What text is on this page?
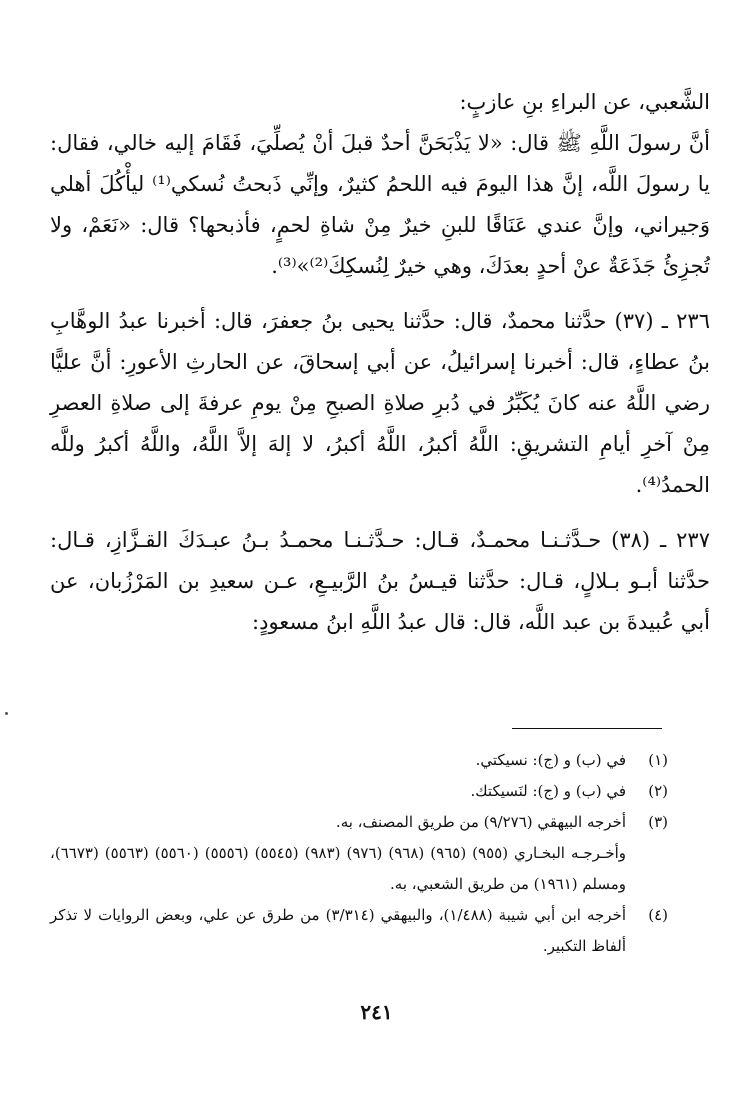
الشَّعبي، عن البراءِ بنِ عازبٍ:

أنَّ رسولَ اللَّهِ ﷺ قال: «لا يَذْبَحَنَّ أحدٌ قبلَ أنْ يُصلِّيَ، فَقَامَ إليه خالي، فقال: يا رسولَ اللَّه، إنَّ هذا اليومَ فيه اللحمُ كثيرٌ، وإنِّي ذَبحتُ نُسكي⁽¹⁾ ليأْكُلَ أهلي وَجيراني، وإنَّ عندي عَنَاقًا للبنِ خيرٌ مِنْ شاةِ لحمٍ، فأذبحها؟ قال: «نَعَمْ، ولا تُجزِئُ جَذَعَةٌ عنْ أحدٍ بعدَكَ، وهي خيرٌ لِنُسكِكَ⁽²⁾»⁽³⁾.

٢٣٦ ـ (٣٧) حدَّثنا محمدٌ، قال: حدَّثنا يحيى بنُ جعفرَ، قال: أخبرنا عبدُ الوهَّابِ بنُ عطاءٍ، قال: أخبرنا إسرائيلُ، عن أبي إسحاقَ، عن الحارثِ الأعورِ: أنَّ عليًّا رضي اللَّهُ عنه كانَ يُكَبِّرُ في دُبرِ صلاةِ الصبحِ مِنْ يومِ عرفةَ إلى صلاةِ العصرِ مِنْ آخرِ أيامِ التشريقِ: اللَّهُ أكبرُ، اللَّهُ أكبرُ، لا إلهَ إلاَّ اللَّهُ، واللَّهُ أكبرُ وللَّه الحمدُ⁽⁴⁾.

٢٣٧ ـ (٣٨) حـدَّثـنـا محمـدٌ، قـال: حـدَّثـنـا محمـدُ بـنُ عبـدَكَ القـزَّازِ، قـال: حدَّثنا أبـو بـلالٍ، قـال: حدَّثنا قيـسُ بنُ الرَّبيـعِ، عـن سعيدِ بن المَرْزُبان، عن أبي عُبيدةَ بن عبد اللَّه، قال: قال عبدُ اللَّهِ ابنُ مسعودٍ:

(١)
في (ب) و (ج): نسيكتي.
(٢)
في (ب) و (ج): لنَسيكتك.
(٣)
أخرجه البيهقي (٩/٢٧٦) من طريق المصنف، به.
وأخـرجـه البخـاري (٩٥٥) (٩٦٥) (٩٦٨) (٩٧٦) (٩٨٣) (٥٥٤٥) (٥٥٥٦) (٥٥٦٠) (٥٥٦٣) (٦٦٧٣)، ومسلم (١٩٦١) من طريق الشعبي، به.
(٤)
أخرجه ابن أبي شيبة (١/٤٨٨)، والبيهقي (٣/٣١٤) من طرق عن علي، وبعض الروايات لا تذكر ألفاظ التكبير.
٢٤١
